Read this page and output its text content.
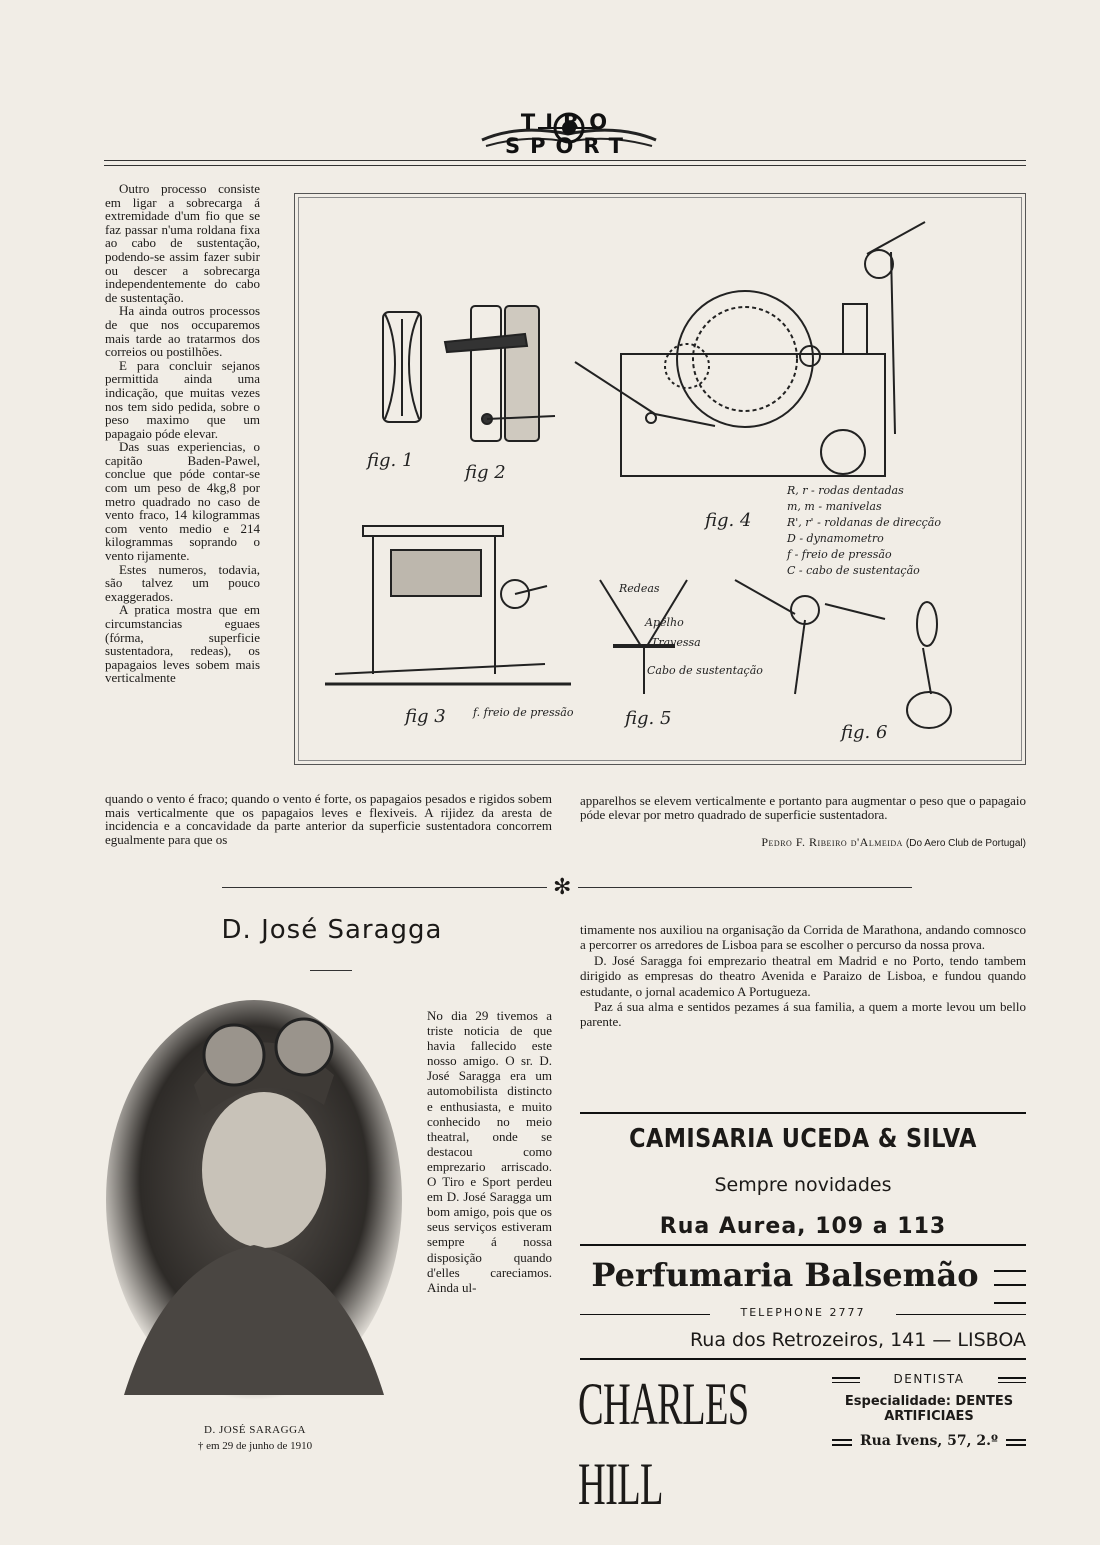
TIRO SPORT

Outro processo consiste em ligar a sobrecarga á extremidade d'um fio que se faz passar n'uma roldana fixa ao cabo de sustentação, podendo-se assim fazer subir ou descer a sobrecarga independentemente do cabo de sustentação.

Ha ainda outros processos de que nos occuparemos mais tarde ao tratarmos dos correios ou postilhões.

E para concluir sejanos permittida ainda uma indicação, que muitas vezes nos tem sido pedida, sobre o peso maximo que um papagaio póde elevar.

Das suas experiencias, o capitão Baden-Pawel, conclue que póde contar-se com um peso de 4kg,8 por metro quadrado no caso de vento fraco, 14 kilogrammas com vento medio e 214 kilogrammas soprando o vento rijamente.

Estes numeros, todavia, são talvez um pouco exaggerados.

A pratica mostra que em circumstancias eguaes (fórma, superficie sustentadora, redeas), os papagaios leves sobem mais verticalmente

fig. 1
fig 2
fig. 4
fig 3 f. freio de pressão	fig. 5
fig. 6
Redeas
Apêlho
Travessa
Cabo de sustentação
R, r - rodas dentadas
m, m - manivelas
R', r' - roldanas de direcção
D - dynamometro
f - freio de pressão
C - cabo de sustentação
quando o vento é fraco; quando o vento é forte, os papagaios pesados e rigidos sobem mais verticalmente que os papagaios leves e flexiveis. A rijidez da aresta de incidencia e a concavidade da parte anterior da superficie sustentadora concorrem egualmente para que os
apparelhos se elevem verticalmente e portanto para augmentar o peso que o papagaio póde elevar por metro quadrado de superficie sustentadora.
Pedro F. Ribeiro d'Almeida (Do Aero Club de Portugal)
✻
D. José Saragga
D. JOSÉ SARAGGA
† em 29 de junho de 1910
No dia 29 tivemos a triste noticia de que havia fallecido este nosso amigo. O sr. D. José Saragga era um automobilista distincto e enthusiasta, e muito conhecido no meio theatral, onde se destacou como emprezario arriscado. O Tiro e Sport perdeu em D. José Saragga um bom amigo, pois que os seus serviços estiveram sempre á nossa disposição quando d'elles careciamos. Ainda ul-

timamente nos auxiliou na organisação da Corrida de Marathona, andando comnosco a percorrer os arredores de Lisboa para se escolher o percurso da nossa prova.

D. José Saragga foi emprezario theatral em Madrid e no Porto, tendo tambem dirigido as empresas do theatro Avenida e Paraizo de Lisboa, e fundou quando estudante, o jornal academico A Portugueza.

Paz á sua alma e sentidos pezames á sua familia, a quem a morte levou um bello parente.

CAMISARIA UCEDA & SILVA
Sempre novidades
Rua Aurea, 109 a 113
Perfumaria Balsemão
TELEPHONE 2777
Rua dos Retrozeiros, 141 — LISBOA
CHARLES HILL
DENTISTA
Especialidade: DENTES ARTIFICIAES
Rua Ivens, 57, 2.º
